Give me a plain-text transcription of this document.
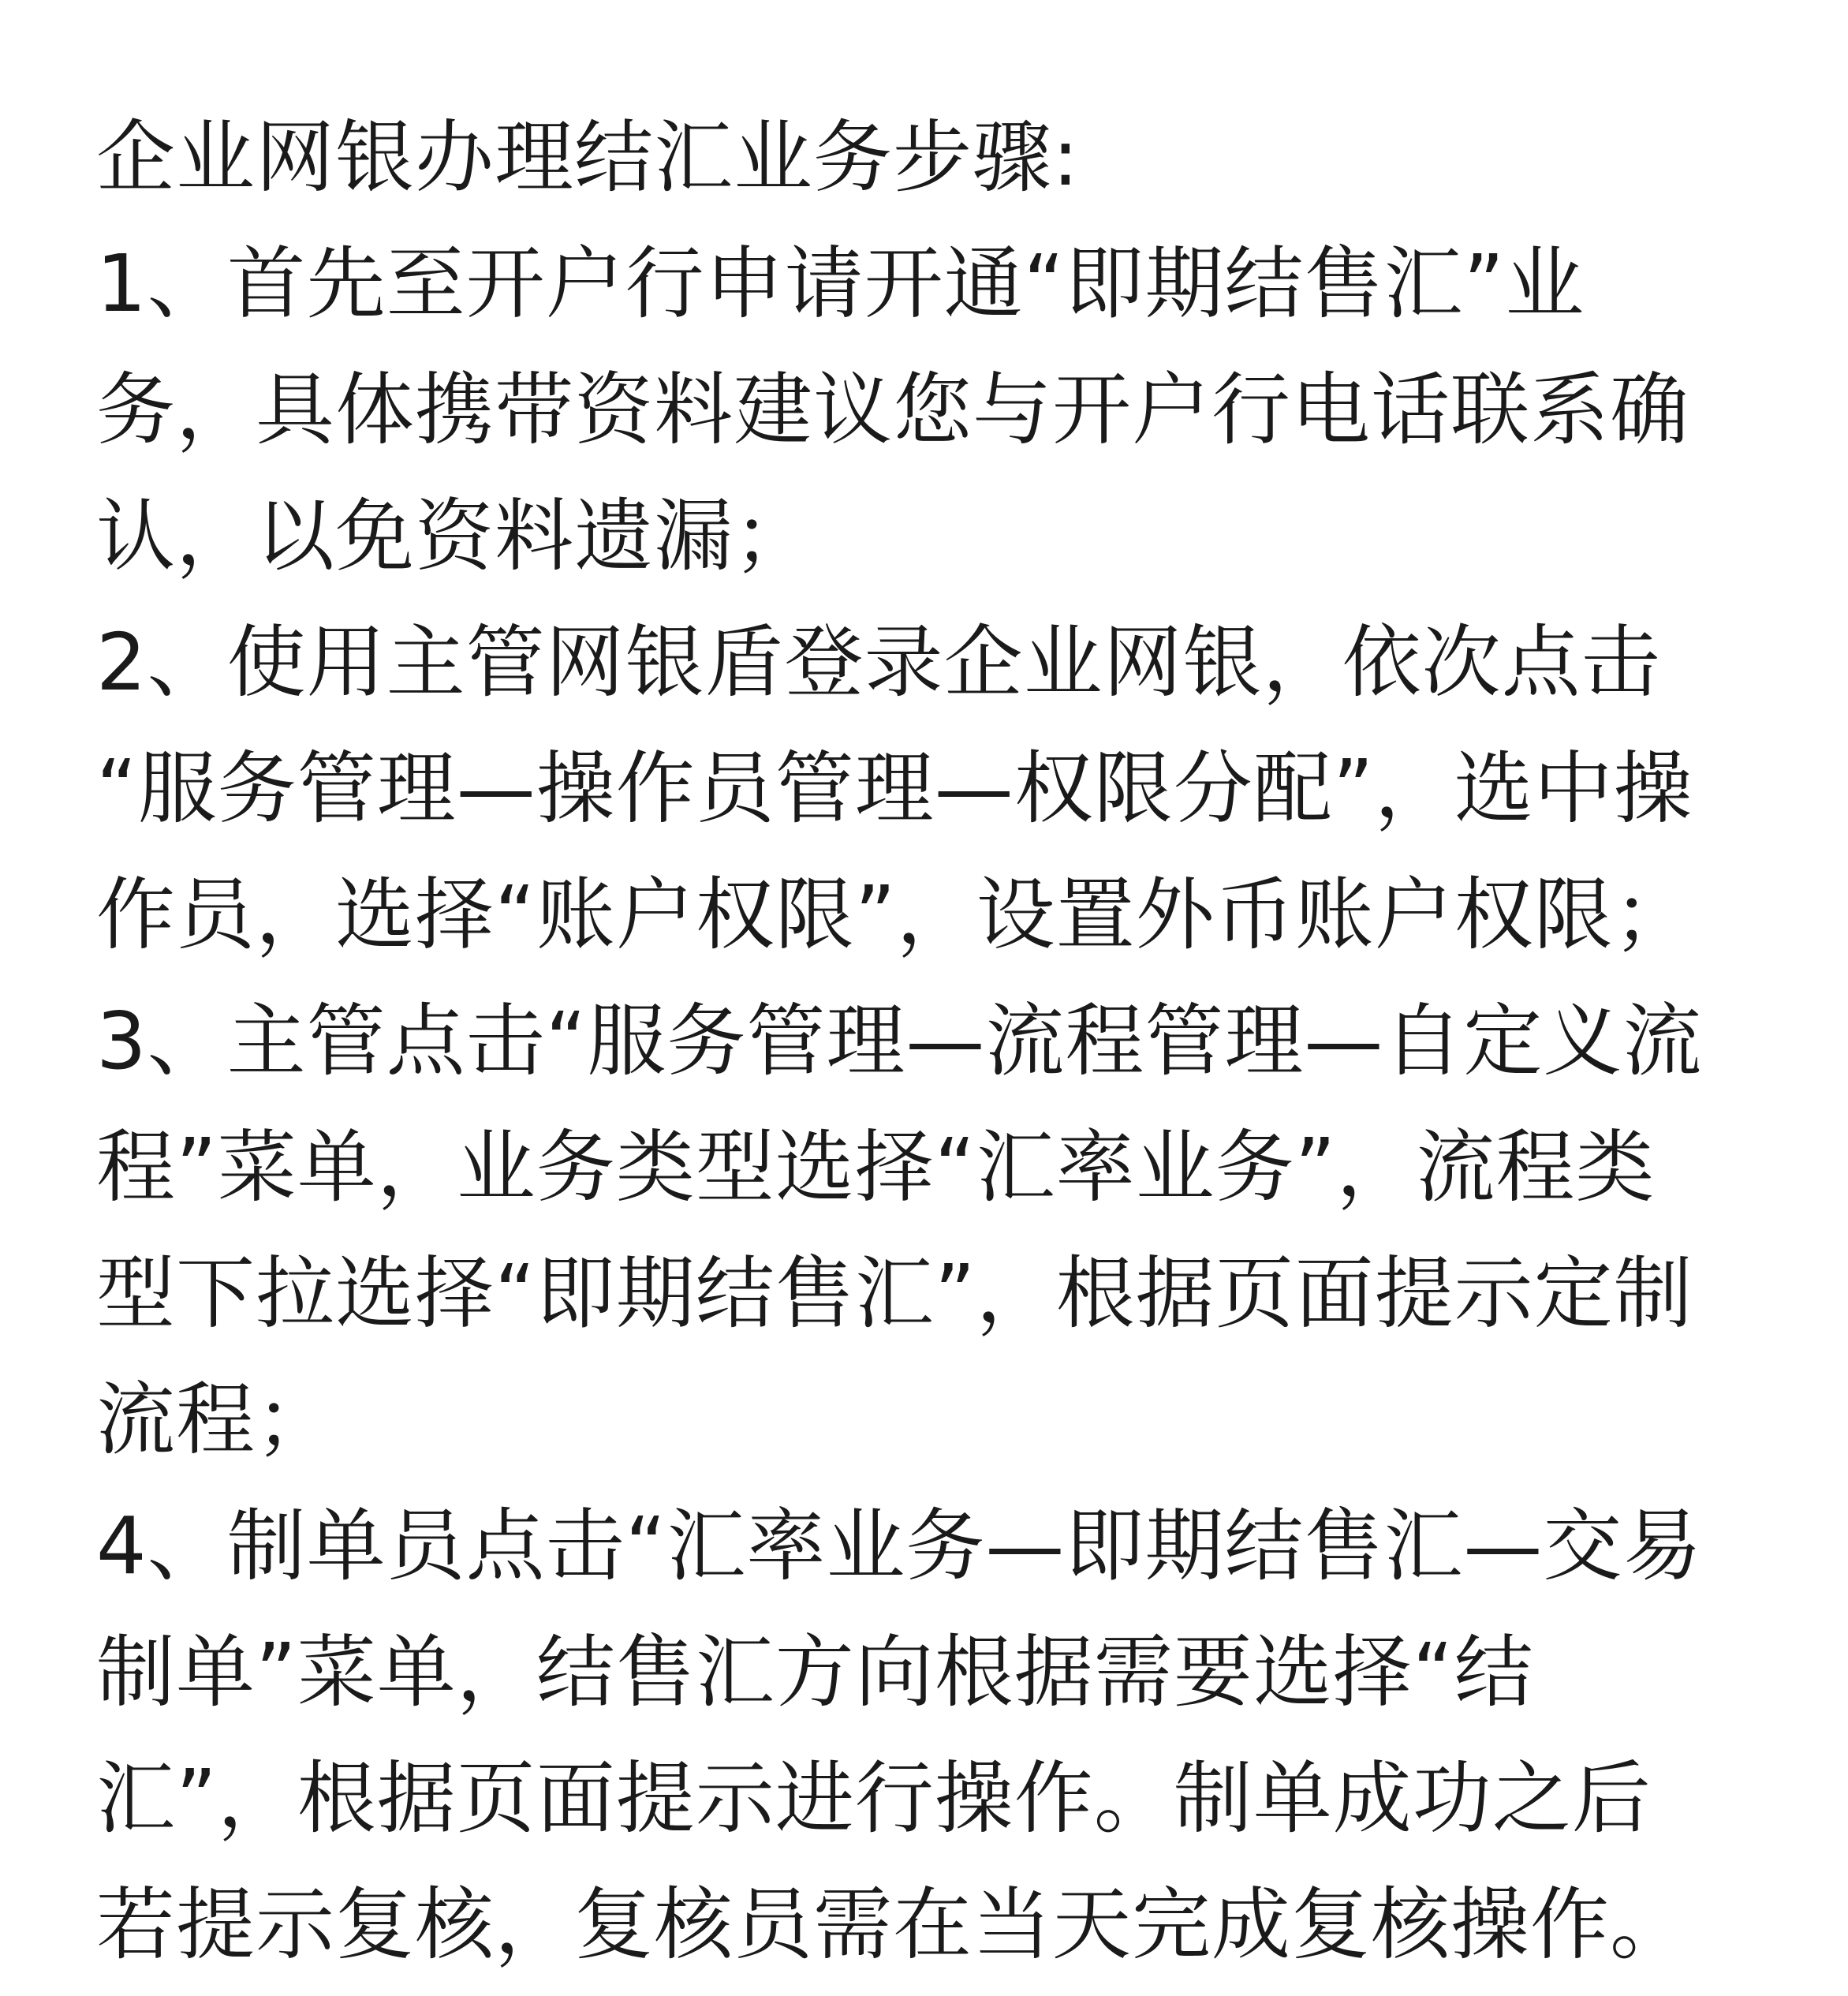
企业网银办理结汇业务步骤:
1、首先至开户行申请开通“即期结售汇”业
务，具体携带资料建议您与开户行电话联系确
认，以免资料遗漏；
2、使用主管网银盾登录企业网银，依次点击
“服务管理—操作员管理—权限分配”，选中操
作员，选择“账户权限”，设置外币账户权限；
3、主管点击“服务管理—流程管理—自定义流
程”菜单，业务类型选择“汇率业务”，流程类
型下拉选择“即期结售汇”，根据页面提示定制
流程；
4、制单员点击“汇率业务—即期结售汇—交易
制单”菜单，结售汇方向根据需要选择“结
汇”，根据页面提示进行操作。制单成功之后
若提示复核，复核员需在当天完成复核操作。
